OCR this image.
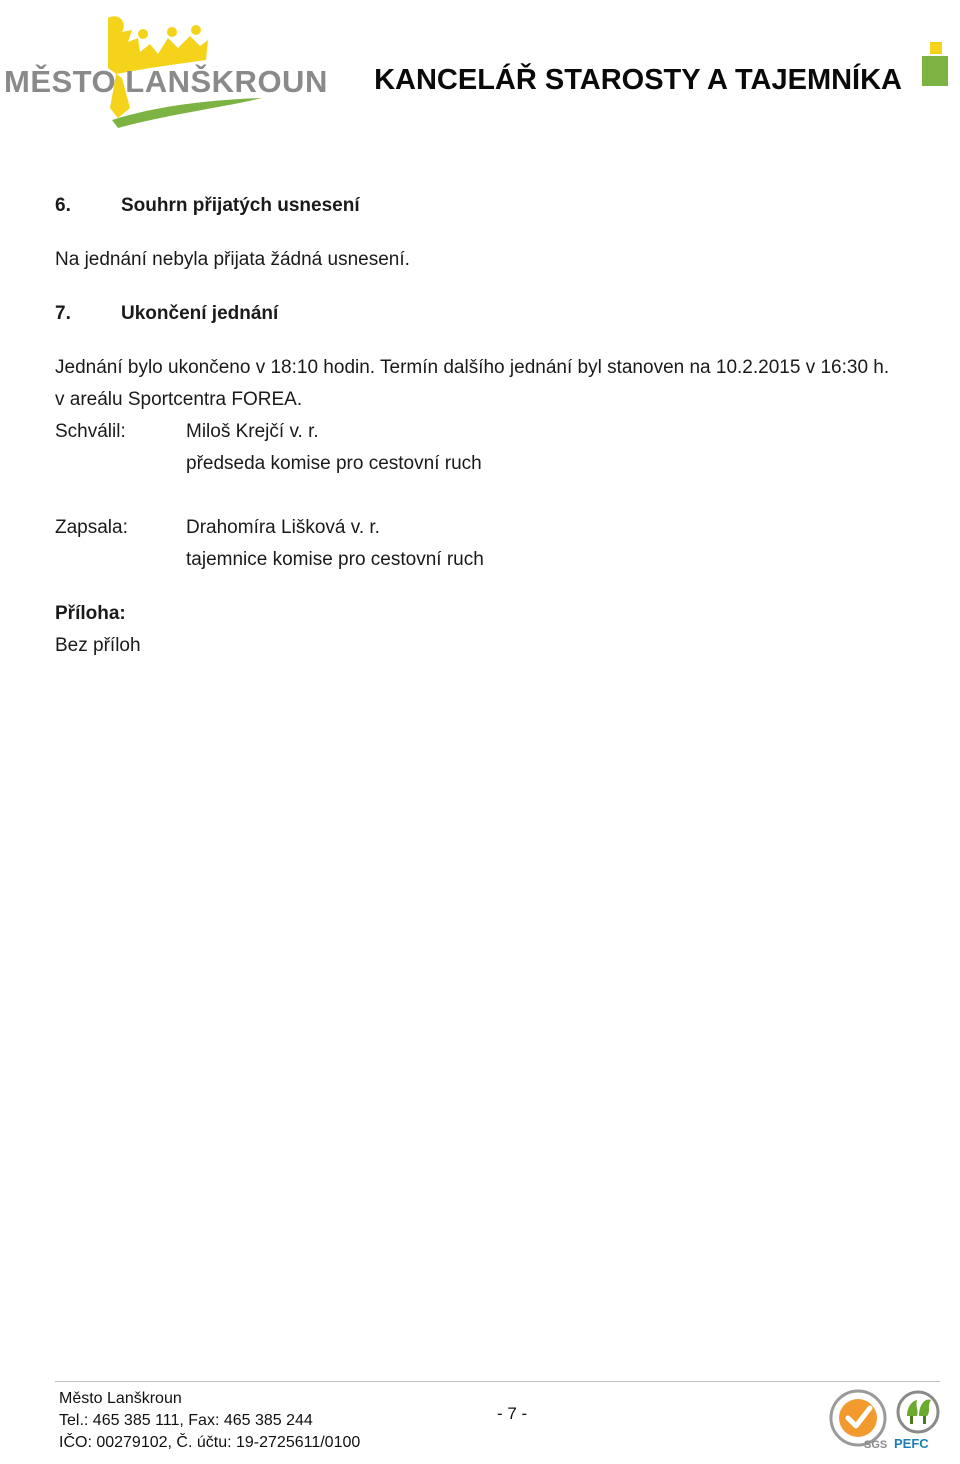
MĚSTO LANŠKROUN KANCELÁŘ STAROSTY A TAJEMNÍKA
6.	Souhrn přijatých usnesení

Na jednání nebyla přijata žádná usnesení.

7.	Ukončení jednání

Jednání bylo ukončeno v 18:10 hodin. Termín dalšího jednání byl stanoven na 10.2.2015 v 16:30 h.

v areálu Sportcentra FOREA.

Schválil:	Miloš Krejčí v. r.
předseda komise pro cestovní ruch
Zapsala:	Drahomíra Lišková v. r.
tajemnice komise pro cestovní ruch
Příloha:
Bez příloh
Město Lanškroun
Tel.: 465 385 111, Fax: 465 385 244
IČO: 00279102, Č. účtu: 19-2725611/0100
- 7 -
SGS PEFC
